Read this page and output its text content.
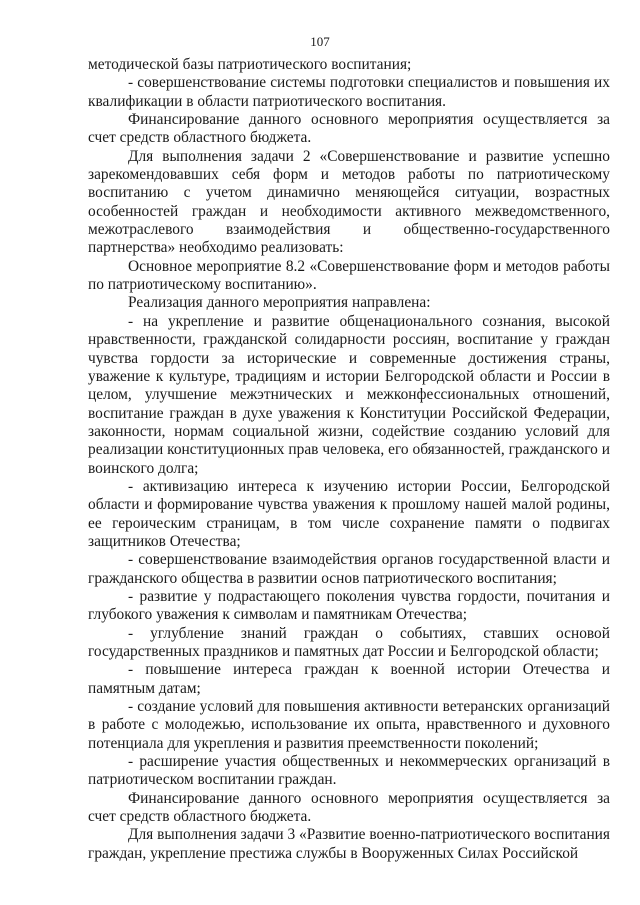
107

методической базы патриотического воспитания;

- совершенствование системы подготовки специалистов и повышения их квалификации в области патриотического воспитания.

Финансирование данного основного мероприятия осуществляется за счет средств областного бюджета.

Для выполнения задачи 2 «Совершенствование и развитие успешно зарекомендовавших себя форм и методов работы по патриотическому воспитанию с учетом динамично меняющейся ситуации, возрастных особенностей граждан и необходимости активного межведомственного, межотраслевого взаимодействия и общественно-государственного партнерства» необходимо реализовать:

Основное мероприятие 8.2 «Совершенствование форм и методов работы по патриотическому воспитанию».

Реализация данного мероприятия направлена:

- на укрепление и развитие общенационального сознания, высокой нравственности, гражданской солидарности россиян, воспитание у граждан чувства гордости за исторические и современные достижения страны, уважение к культуре, традициям и истории Белгородской области и России в целом, улучшение межэтнических и межконфессиональных отношений, воспитание граждан в духе уважения к Конституции Российской Федерации, законности, нормам социальной жизни, содействие созданию условий для реализации конституционных прав человека, его обязанностей, гражданского и воинского долга;

- активизацию интереса к изучению истории России, Белгородской области и формирование чувства уважения к прошлому нашей малой родины, ее героическим страницам, в том числе сохранение памяти о подвигах защитников Отечества;

- совершенствование взаимодействия органов государственной власти и гражданского общества в развитии основ патриотического воспитания;

- развитие у подрастающего поколения чувства гордости, почитания и глубокого уважения к символам и памятникам Отечества;

- углубление знаний граждан о событиях, ставших основой государственных праздников и памятных дат России и Белгородской области;

- повышение интереса граждан к военной истории Отечества и памятным датам;

- создание условий для повышения активности ветеранских организаций в работе с молодежью, использование их опыта, нравственного и духовного потенциала для укрепления и развития преемственности поколений;

- расширение участия общественных и некоммерческих организаций в патриотическом воспитании граждан.

Финансирование данного основного мероприятия осуществляется за счет средств областного бюджета.

Для выполнения задачи 3 «Развитие военно-патриотического воспитания граждан, укрепление престижа службы в Вооруженных Силах Российской
